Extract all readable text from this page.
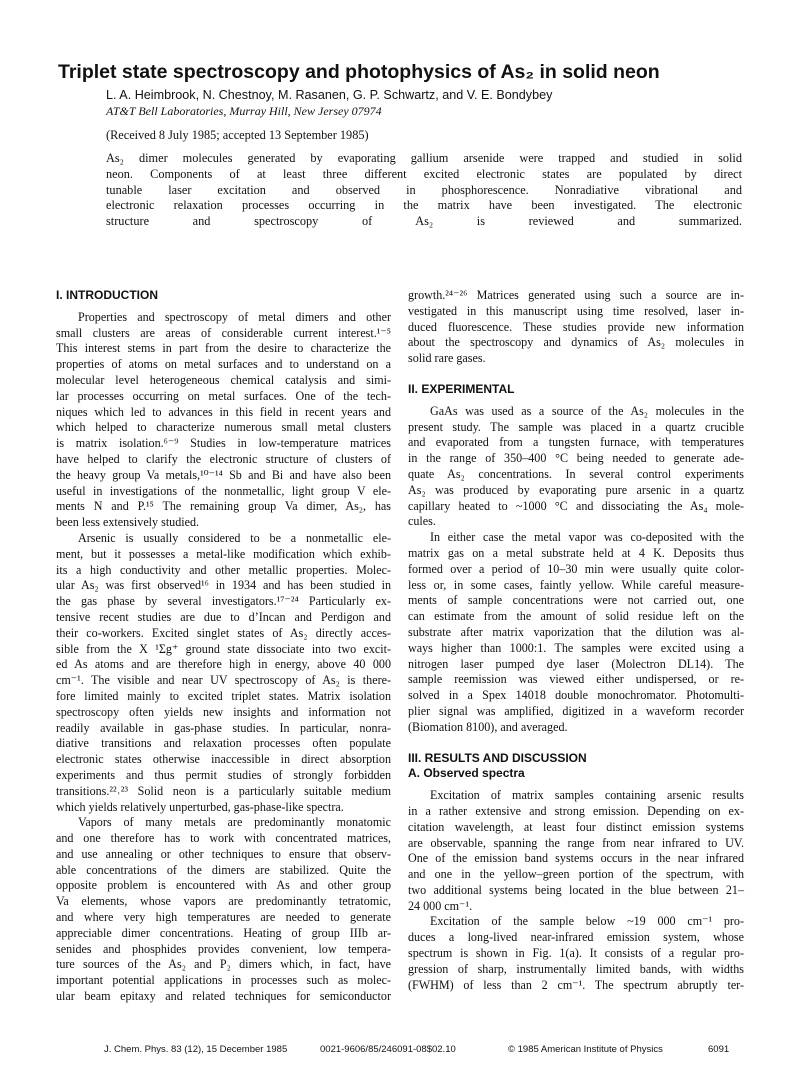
Triplet state spectroscopy and photophysics of As₂ in solid neon
L. A. Heimbrook, N. Chestnoy, M. Rasanen, G. P. Schwartz, and V. E. Bondybey
AT&T Bell Laboratories, Murray Hill, New Jersey 07974
(Received 8 July 1985; accepted 13 September 1985)
As₂ dimer molecules generated by evaporating gallium arsenide were trapped and studied in solid
neon. Components of at least three different excited electronic states are populated by direct
tunable laser excitation and observed in phosphorescence. Nonradiative vibrational and
electronic relaxation processes occurring in the matrix have been investigated. The electronic
structure and spectroscopy of As₂ is reviewed and summarized.
I. INTRODUCTION
Properties and spectroscopy of metal dimers and other
small clusters are areas of considerable current interest.¹⁻⁵
This interest stems in part from the desire to characterize the
properties of atoms on metal surfaces and to understand on a
molecular level heterogeneous chemical catalysis and simi-
lar processes occurring on metal surfaces. One of the tech-
niques which led to advances in this field in recent years and
which helped to characterize numerous small metal clusters
is matrix isolation.⁶⁻⁹ Studies in low-temperature matrices
have helped to clarify the electronic structure of clusters of
the heavy group Va metals,¹⁰⁻¹⁴ Sb and Bi and have also been
useful in investigations of the nonmetallic, light group V ele-
ments N and P.¹⁵ The remaining group Va dimer, As₂, has
been less extensively studied.
Arsenic is usually considered to be a nonmetallic ele-
ment, but it possesses a metal-like modification which exhib-
its a high conductivity and other metallic properties. Molec-
ular As₂ was first observed¹⁶ in 1934 and has been studied in
the gas phase by several investigators.¹⁷⁻²⁴ Particularly ex-
tensive recent studies are due to d’Incan and Perdigon and
their co-workers. Excited singlet states of As₂ directly acces-
sible from the X ¹Σg⁺ ground state dissociate into two excit-
ed As atoms and are therefore high in energy, above 40 000
cm⁻¹. The visible and near UV spectroscopy of As₂ is there-
fore limited mainly to excited triplet states. Matrix isolation
spectroscopy often yields new insights and information not
readily available in gas-phase studies. In particular, nonra-
diative transitions and relaxation processes often populate
electronic states otherwise inaccessible in direct absorption
experiments and thus permit studies of strongly forbidden
transitions.²²˒²³ Solid neon is a particularly suitable medium
which yields relatively unperturbed, gas-phase-like spectra.
Vapors of many metals are predominantly monatomic
and one therefore has to work with concentrated matrices,
and use annealing or other techniques to ensure that observ-
able concentrations of the dimers are stabilized. Quite the
opposite problem is encountered with As and other group
Va elements, whose vapors are predominantly tetratomic,
and where very high temperatures are needed to generate
appreciable dimer concentrations. Heating of group IIIb ar-
senides and phosphides provides convenient, low tempera-
ture sources of the As₂ and P₂ dimers which, in fact, have
important potential applications in processes such as molec-
ular beam epitaxy and related techniques for semiconductor
growth.²⁴⁻²⁶ Matrices generated using such a source are in-
vestigated in this manuscript using time resolved, laser in-
duced fluorescence. These studies provide new information
about the spectroscopy and dynamics of As₂ molecules in
solid rare gases.
II. EXPERIMENTAL
GaAs was used as a source of the As₂ molecules in the
present study. The sample was placed in a quartz crucible
and evaporated from a tungsten furnace, with temperatures
in the range of 350–400 °C being needed to generate ade-
quate As₂ concentrations. In several control experiments
As₂ was produced by evaporating pure arsenic in a quartz
capillary heated to ~1000 °C and dissociating the As₄ mole-
cules.
In either case the metal vapor was co-deposited with the
matrix gas on a metal substrate held at 4 K. Deposits thus
formed over a period of 10–30 min were usually quite color-
less or, in some cases, faintly yellow. While careful measure-
ments of sample concentrations were not carried out, one
can estimate from the amount of solid residue left on the
substrate after matrix vaporization that the dilution was al-
ways higher than 1000:1. The samples were excited using a
nitrogen laser pumped dye laser (Molectron DL14). The
sample reemission was viewed either undispersed, or re-
solved in a Spex 14018 double monochromator. Photomulti-
plier signal was amplified, digitized in a waveform recorder
(Biomation 8100), and averaged.
III. RESULTS AND DISCUSSION
A. Observed spectra
Excitation of matrix samples containing arsenic results
in a rather extensive and strong emission. Depending on ex-
citation wavelength, at least four distinct emission systems
are observable, spanning the range from near infrared to UV.
One of the emission band systems occurs in the near infrared
and one in the yellow–green portion of the spectrum, with
two additional systems being located in the blue between 21–
24 000 cm⁻¹.
Excitation of the sample below ~19 000 cm⁻¹ pro-
duces a long-lived near-infrared emission system, whose
spectrum is shown in Fig. 1(a). It consists of a regular pro-
gression of sharp, instrumentally limited bands, with widths
(FWHM) of less than 2 cm⁻¹. The spectrum abruptly ter-
J. Chem. Phys. 83 (12), 15 December 1985	0021-9606/85/246091-08$02.10	© 1985 American Institute of Physics	6091
